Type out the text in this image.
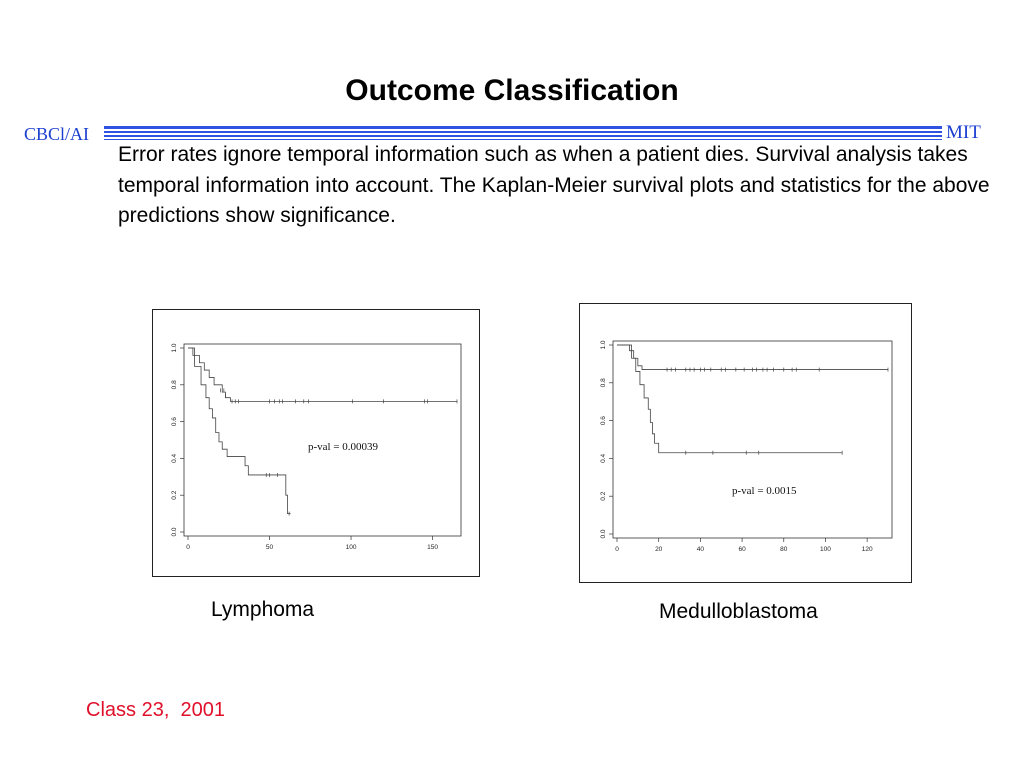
Outcome Classification
CBCl/AI	MIT
Error rates ignore temporal information such as when a patient dies. Survival analysis takes temporal information into account. The Kaplan-Meier survival plots and statistics for the above predictions show significance.
0	50	100	150
0.0
0.2
0.4
0.6
0.8
1.0
p-val = 0.00039
0	20	40	60	80	100	120
0.0
0.2
0.4
0.6
0.8
1.0
p-val = 0.0015
Lymphoma	Medulloblastoma
Class 23,  2001
